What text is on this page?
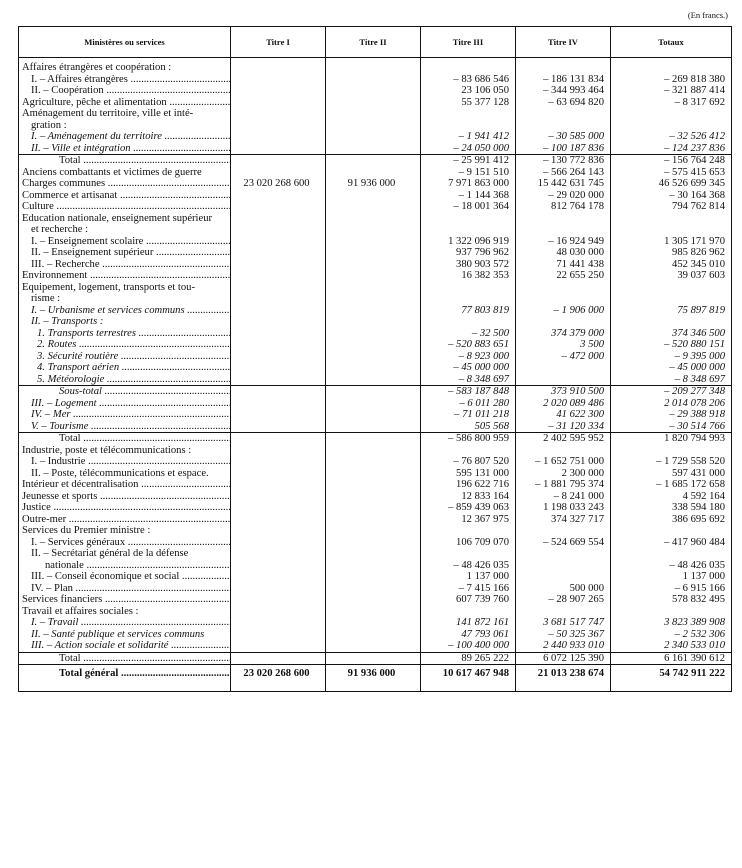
(En francs.)
Ministères ou services	Titre I	Titre II	Titre III	Titre IV	Totaux
Affaires étrangères et coopération :					
I. – Affaires étrangères .....			– 83 686 546	– 186 131 834	– 269 818 380
II. – Coopération .....			23 106 050	– 344 993 464	– 321 887 414
Agriculture, pêche et alimentation .....			55 377 128	– 63 694 820	– 8 317 692
Aménagement du territoire, ville et inté-					
gration :					
I. – Aménagement du territoire .....			– 1 941 412	– 30 585 000	– 32 526 412
II. – Ville et intégration .....			– 24 050 000	– 100 187 836	– 124 237 836
Total .....			– 25 991 412	– 130 772 836	– 156 764 248
Anciens combattants et victimes de guerre			– 9 151 510	– 566 264 143	– 575 415 653
Charges communes .....	23 020 268 600	91 936 000	7 971 863 000	15 442 631 745	46 526 699 345
Commerce et artisanat .....			– 1 144 368	– 29 020 000	– 30 164 368
Culture .....			– 18 001 364	812 764 178	794 762 814
Education nationale, enseignement supérieur					
et recherche :					
I. – Enseignement scolaire .....			1 322 096 919	– 16 924 949	1 305 171 970
II. – Enseignement supérieur .....			937 796 962	48 030 000	985 826 962
III. – Recherche .....			380 903 572	71 441 438	452 345 010
Environnement .....			16 382 353	22 655 250	39 037 603
Equipement, logement, transports et tou-					
risme :					
I. – Urbanisme et services communs .....			77 803 819	– 1 906 000	75 897 819
II. – Transports :					
1. Transports terrestres .....			– 32 500	374 379 000	374 346 500
2. Routes .....			– 520 883 651	3 500	– 520 880 151
3. Sécurité routière .....			– 8 923 000	– 472 000	– 9 395 000
4. Transport aérien .....			– 45 000 000		– 45 000 000
5. Météorologie .....			– 8 348 697		– 8 348 697
Sous-total .....			– 583 187 848	373 910 500	– 209 277 348
III. – Logement .....			– 6 011 280	2 020 089 486	2 014 078 206
IV. – Mer .....			– 71 011 218	41 622 300	– 29 388 918
V. – Tourisme .....			505 568	– 31 120 334	– 30 514 766
Total .....			– 586 800 959	2 402 595 952	1 820 794 993
Industrie, poste et télécommunications :					
I. – Industrie .....			– 76 807 520	– 1 652 751 000	– 1 729 558 520
II. – Poste, télécommunications et espace.			595 131 000	2 300 000	597 431 000
Intérieur et décentralisation .....			196 622 716	– 1 881 795 374	– 1 685 172 658
Jeunesse et sports .....			12 833 164	– 8 241 000	4 592 164
Justice .....			– 859 439 063	1 198 033 243	338 594 180
Outre-mer .....			12 367 975	374 327 717	386 695 692
Services du Premier ministre :					
I. – Services généraux .....			106 709 070	– 524 669 554	– 417 960 484
II. – Secrétariat général de la défense					
nationale .....			– 48 426 035		– 48 426 035
III. – Conseil économique et social .....			1 137 000		1 137 000
IV. – Plan .....			– 7 415 166	500 000	– 6 915 166
Services financiers .....			607 739 760	– 28 907 265	578 832 495
Travail et affaires sociales :					
I. – Travail .....			141 872 161	3 681 517 747	3 823 389 908
II. – Santé publique et services communs			47 793 061	– 50 325 367	– 2 532 306
III. – Action sociale et solidarité .....			– 100 400 000	2 440 933 010	2 340 533 010
Total .....			89 265 222	6 072 125 390	6 161 390 612
Total général .....	23 020 268 600	91 936 000	10 617 467 948	21 013 238 674	54 742 911 222
